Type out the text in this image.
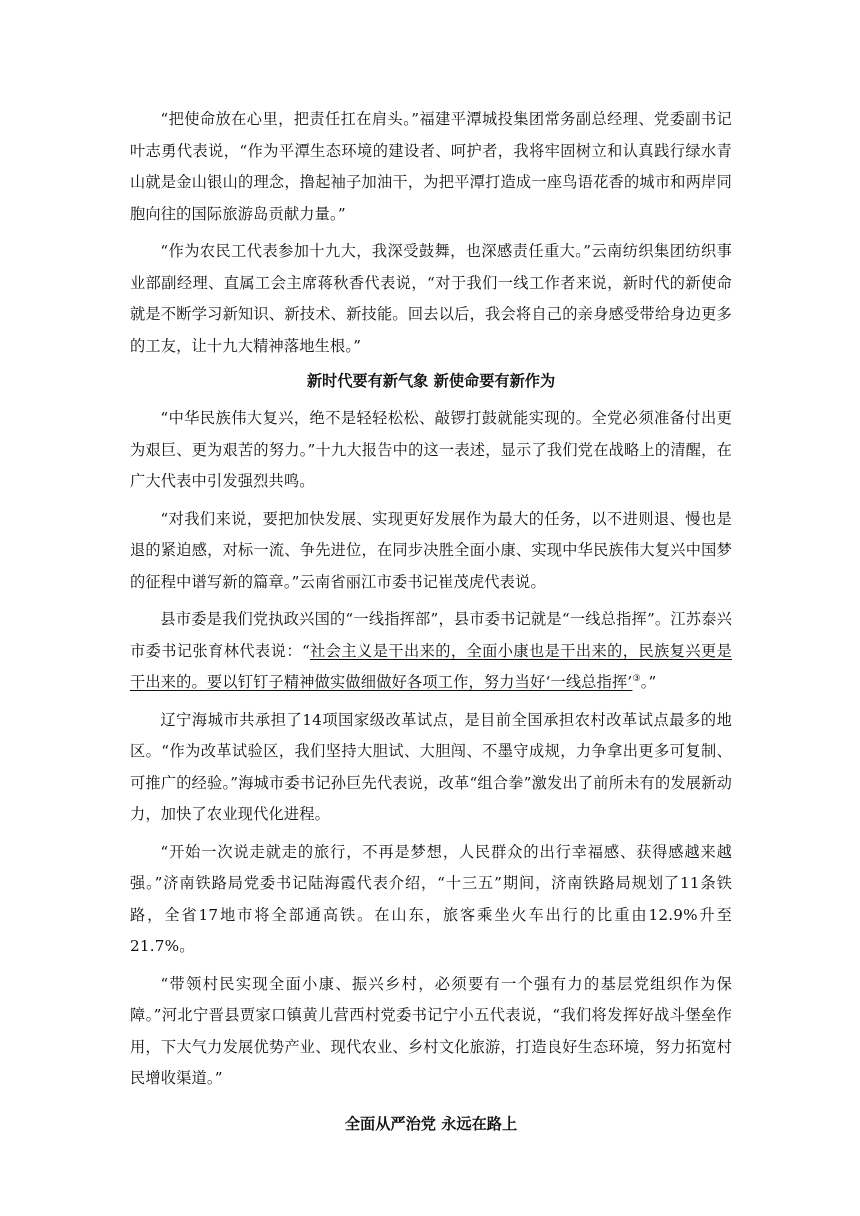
“把使命放在心里，把责任扛在肩头。”福建平潭城投集团常务副总经理、党委副书记叶志勇代表说，“作为平潭生态环境的建设者、呵护者，我将牢固树立和认真践行绿水青山就是金山银山的理念，撸起袖子加油干，为把平潭打造成一座鸟语花香的城市和两岸同胞向往的国际旅游岛贡献力量。”

“作为农民工代表参加十九大，我深受鼓舞，也深感责任重大。”云南纺织集团纺织事业部副经理、直属工会主席蒋秋香代表说，“对于我们一线工作者来说，新时代的新使命就是不断学习新知识、新技术、新技能。回去以后，我会将自己的亲身感受带给身边更多的工友，让十九大精神落地生根。”

新时代要有新气象 新使命要有新作为

“中华民族伟大复兴，绝不是轻轻松松、敲锣打鼓就能实现的。全党必须准备付出更为艰巨、更为艰苦的努力。”十九大报告中的这一表述，显示了我们党在战略上的清醒，在广大代表中引发强烈共鸣。

“对我们来说，要把加快发展、实现更好发展作为最大的任务，以不进则退、慢也是退的紧迫感，对标一流、争先进位，在同步决胜全面小康、实现中华民族伟大复兴中国梦的征程中谱写新的篇章。”云南省丽江市委书记崔茂虎代表说。

县市委是我们党执政兴国的“一线指挥部”，县市委书记就是“一线总指挥”。江苏泰兴市委书记张育林代表说：“社会主义是干出来的，全面小康也是干出来的，民族复兴更是干出来的。要以钉钉子精神做实做细做好各项工作，努力当好‘一线总指挥’③。”

辽宁海城市共承担了14项国家级改革试点，是目前全国承担农村改革试点最多的地区。“作为改革试验区，我们坚持大胆试、大胆闯、不墨守成规，力争拿出更多可复制、可推广的经验。”海城市委书记孙巨先代表说，改革“组合拳”激发出了前所未有的发展新动力，加快了农业现代化进程。

“开始一次说走就走的旅行，不再是梦想，人民群众的出行幸福感、获得感越来越强。”济南铁路局党委书记陆海霞代表介绍，“十三五”期间，济南铁路局规划了11条铁路，全省17地市将全部通高铁。在山东，旅客乘坐火车出行的比重由12.9%升至21.7%。

“带领村民实现全面小康、振兴乡村，必须要有一个强有力的基层党组织作为保障。”河北宁晋县贾家口镇黄儿营西村党委书记宁小五代表说，“我们将发挥好战斗堡垒作用，下大气力发展优势产业、现代农业、乡村文化旅游，打造良好生态环境，努力拓宽村民增收渠道。”

全面从严治党 永远在路上
